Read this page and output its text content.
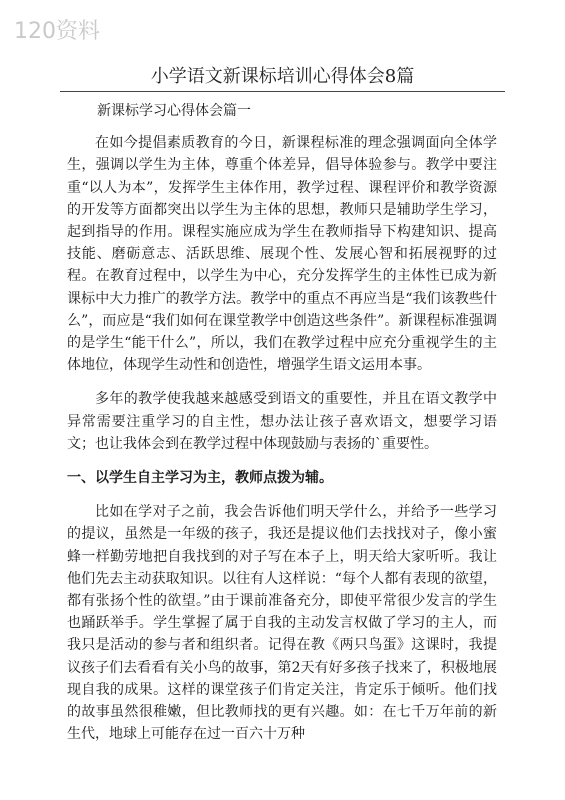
120资料
小学语文新课标培训心得体会8篇
新课标学习心得体会篇一

在如今提倡素质教育的今日，新课程标准的理念强调面向全体学生，强调以学生为主体，尊重个体差异，倡导体验参与。教学中要注重“以人为本”，发挥学生主体作用，教学过程、课程评价和教学资源的开发等方面都突出以学生为主体的思想，教师只是辅助学生学习，起到指导的作用。课程实施应成为学生在教师指导下构建知识、提高技能、磨砺意志、活跃思维、展现个性、发展心智和拓展视野的过程。在教育过程中，以学生为中心，充分发挥学生的主体性已成为新课标中大力推广的教学方法。教学中的重点不再应当是“我们该教些什么”，而应是“我们如何在课堂教学中创造这些条件”。新课程标准强调的是学生“能干什么”，所以，我们在教学过程中应充分重视学生的主体地位，体现学生动性和创造性，增强学生语文运用本事。

多年的教学使我越来越感受到语文的重要性，并且在语文教学中异常需要注重学习的自主性，想办法让孩子喜欢语文，想要学习语文；也让我体会到在教学过程中体现鼓励与表扬的`重要性。

一、以学生自主学习为主，教师点拨为辅。

比如在学对子之前，我会告诉他们明天学什么，并给予一些学习的提议，虽然是一年级的孩子，我还是提议他们去找找对子，像小蜜蜂一样勤劳地把自我找到的对子写在本子上，明天给大家听听。我让他们先去主动获取知识。以往有人这样说：“每个人都有表现的欲望，都有张扬个性的欲望。”由于课前准备充分，即使平常很少发言的学生也踊跃举手。学生掌握了属于自我的主动发言权做了学习的主人，而我只是活动的参与者和组织者。记得在教《两只鸟蛋》这课时，我提议孩子们去看看有关小鸟的故事，第2天有好多孩子找来了，积极地展现自我的成果。这样的课堂孩子们肯定关注，肯定乐于倾听。他们找的故事虽然很稚嫩，但比教师找的更有兴趣。如：在七千万年前的新生代，地球上可能存在过一百六十万种
